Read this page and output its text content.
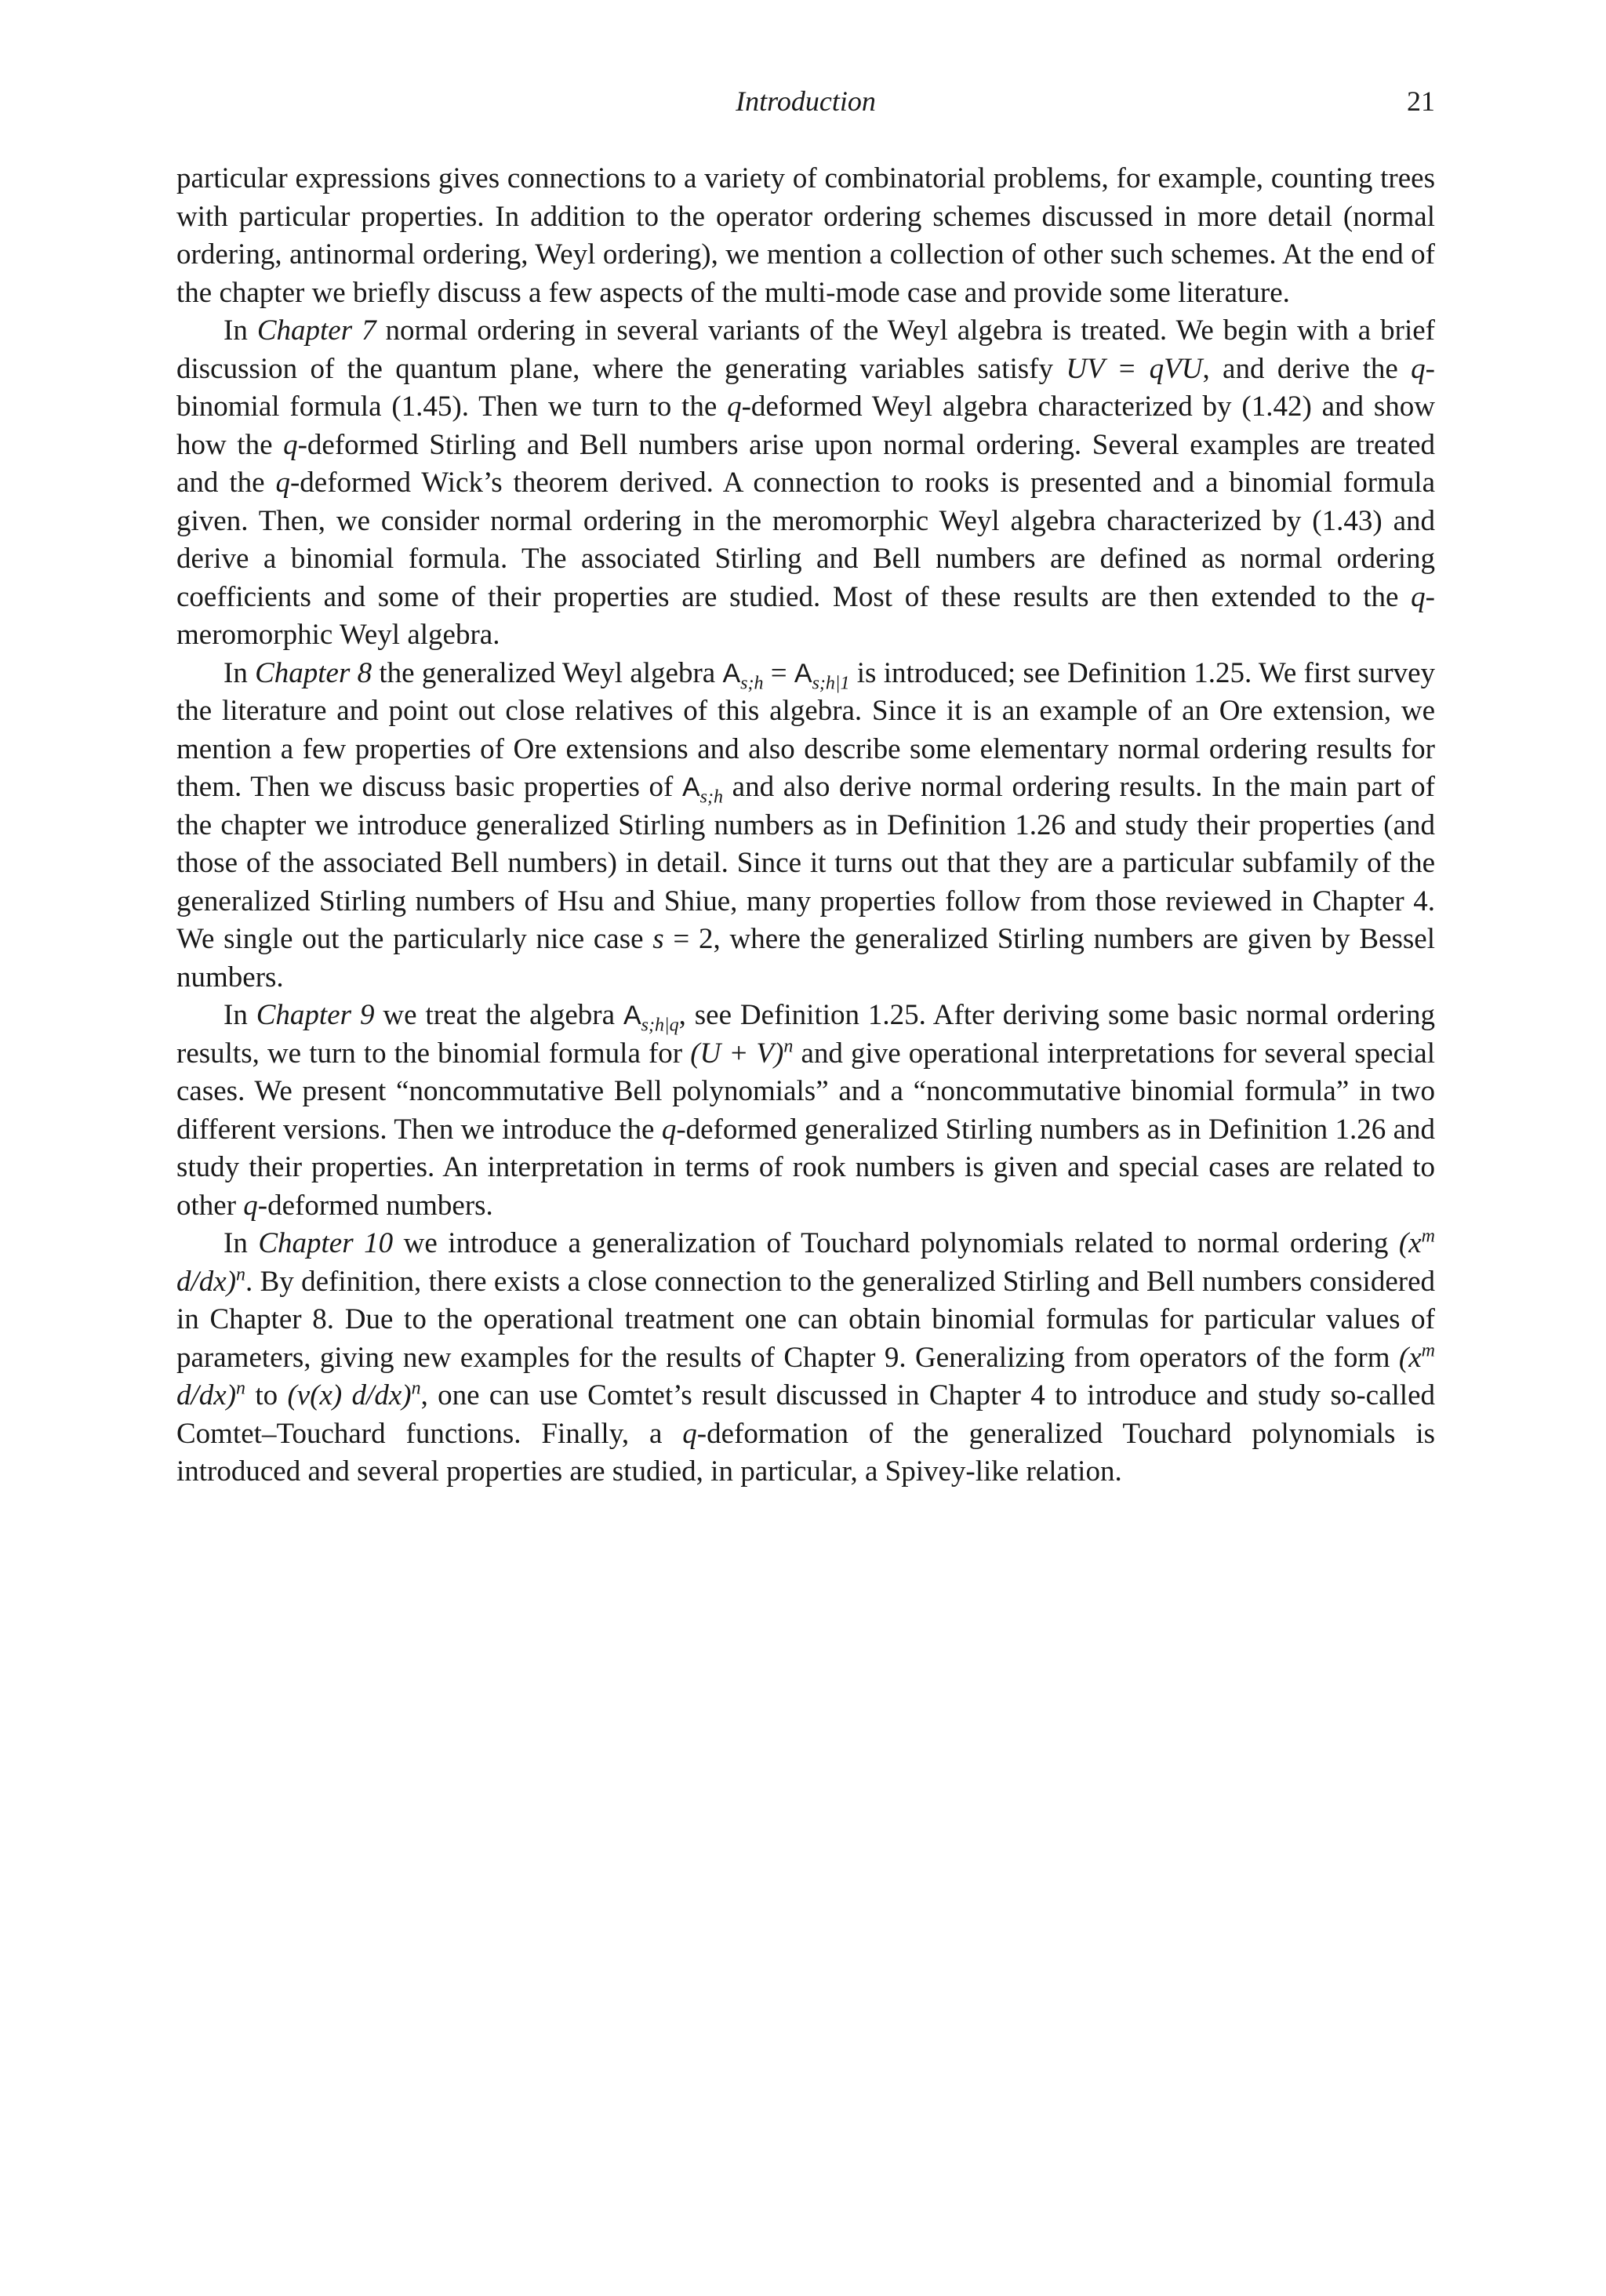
Introduction	21

particular expressions gives connections to a variety of combinatorial problems, for example, counting trees with particular properties. In addition to the operator ordering schemes discussed in more detail (normal ordering, antinormal ordering, Weyl ordering), we mention a collection of other such schemes. At the end of the chapter we briefly discuss a few aspects of the multi-mode case and provide some literature.

In Chapter 7 normal ordering in several variants of the Weyl algebra is treated. We begin with a brief discussion of the quantum plane, where the generating variables satisfy UV = qVU, and derive the q-binomial formula (1.45). Then we turn to the q-deformed Weyl algebra characterized by (1.42) and show how the q-deformed Stirling and Bell numbers arise upon normal ordering. Several examples are treated and the q-deformed Wick’s theorem derived. A connection to rooks is presented and a binomial formula given. Then, we consider normal ordering in the meromorphic Weyl algebra characterized by (1.43) and derive a binomial formula. The associated Stirling and Bell numbers are defined as normal ordering coefficients and some of their properties are studied. Most of these results are then extended to the q-meromorphic Weyl algebra.

In Chapter 8 the generalized Weyl algebra $A_{s;h} = A_{s;h|1}$ is introduced; see Definition 1.25. We first survey the literature and point out close relatives of this algebra. Since it is an example of an Ore extension, we mention a few properties of Ore extensions and also describe some elementary normal ordering results for them. Then we discuss basic properties of $A_{s;h}$ and also derive normal ordering results. In the main part of the chapter we introduce generalized Stirling numbers as in Definition 1.26 and study their properties (and those of the associated Bell numbers) in detail. Since it turns out that they are a particular subfamily of the generalized Stirling numbers of Hsu and Shiue, many properties follow from those reviewed in Chapter 4. We single out the particularly nice case s = 2, where the generalized Stirling numbers are given by Bessel numbers.

In Chapter 9 we treat the algebra $A_{s;h|q}$, see Definition 1.25. After deriving some basic normal ordering results, we turn to the binomial formula for $(U + V)^n$ and give operational interpretations for several special cases. We present “noncommutative Bell polynomials” and a “noncommutative binomial formula” in two different versions. Then we introduce the q-deformed generalized Stirling numbers as in Definition 1.26 and study their properties. An interpretation in terms of rook numbers is given and special cases are related to other q-deformed numbers.

In Chapter 10 we introduce a generalization of Touchard polynomials related to normal ordering ($x^m$ d/dx)$^n$. By definition, there exists a close connection to the generalized Stirling and Bell numbers considered in Chapter 8. Due to the operational treatment one can obtain binomial formulas for particular values of parameters, giving new examples for the results of Chapter 9. Generalizing from operators of the form ($x^m$ d/dx)$^n$ to (v(x) d/dx)$^n$, one can use Comtet’s result discussed in Chapter 4 to introduce and study so-called Comtet–Touchard functions. Finally, a q-deformation of the generalized Touchard polynomials is introduced and several properties are studied, in particular, a Spivey-like relation.
